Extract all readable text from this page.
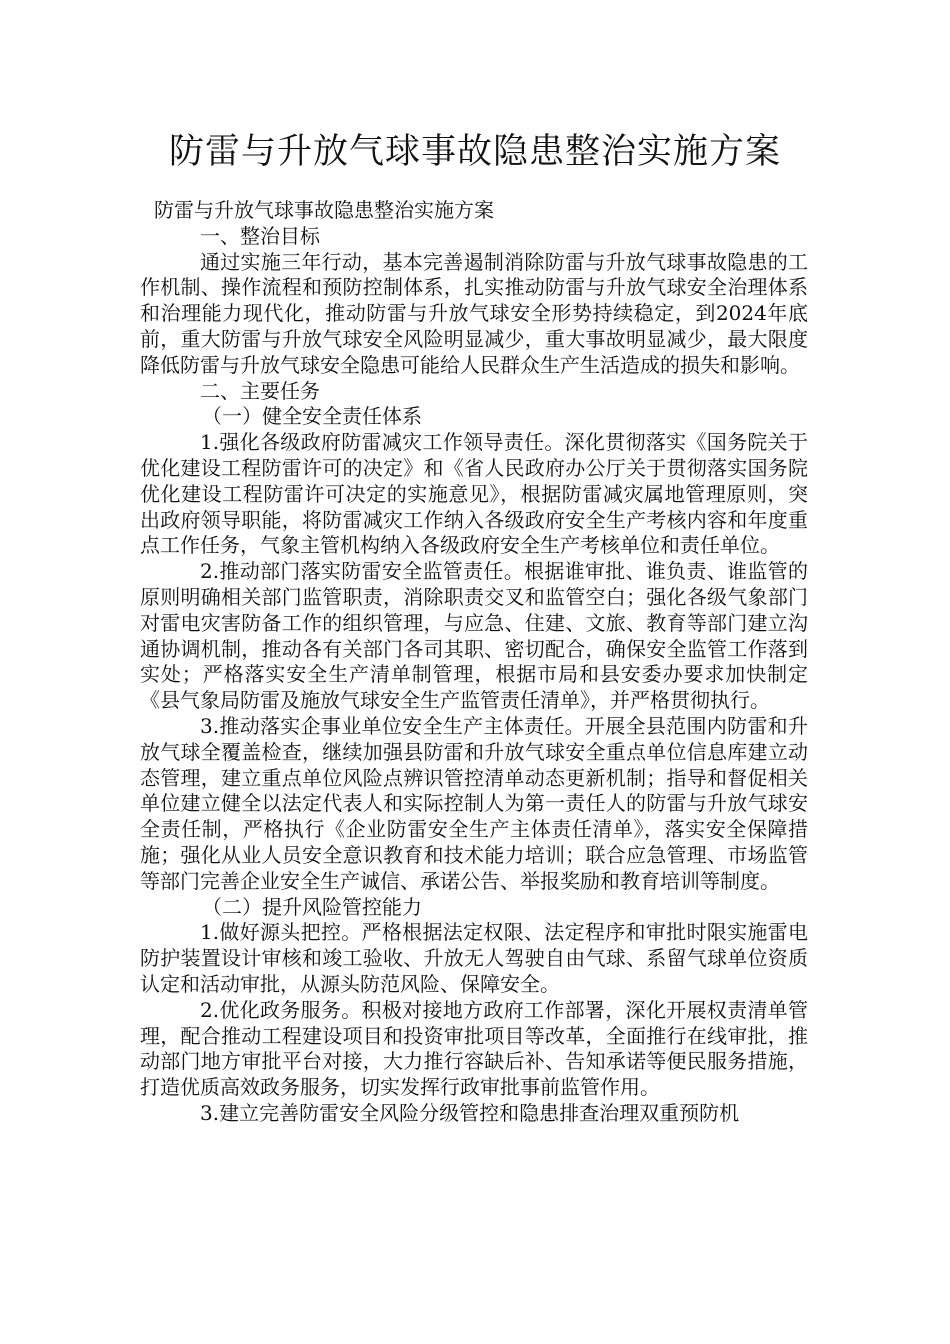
防雷与升放气球事故隐患整治实施方案

防雷与升放气球事故隐患整治实施方案

一、整治目标

通过实施三年行动，基本完善遏制消除防雷与升放气球事故隐患的工作机制、操作流程和预防控制体系，扎实推动防雷与升放气球安全治理体系和治理能力现代化，推动防雷与升放气球安全形势持续稳定，到2024年底前，重大防雷与升放气球安全风险明显减少，重大事故明显减少，最大限度降低防雷与升放气球安全隐患可能给人民群众生产生活造成的损失和影响。

二、主要任务

（一）健全安全责任体系

1.强化各级政府防雷减灾工作领导责任。深化贯彻落实《国务院关于优化建设工程防雷许可的决定》和《省人民政府办公厅关于贯彻落实国务院优化建设工程防雷许可决定的实施意见》，根据防雷减灾属地管理原则，突出政府领导职能，将防雷减灾工作纳入各级政府安全生产考核内容和年度重点工作任务，气象主管机构纳入各级政府安全生产考核单位和责任单位。

2.推动部门落实防雷安全监管责任。根据谁审批、谁负责、谁监管的原则明确相关部门监管职责，消除职责交叉和监管空白；强化各级气象部门对雷电灾害防备工作的组织管理，与应急、住建、文旅、教育等部门建立沟通协调机制，推动各有关部门各司其职、密切配合，确保安全监管工作落到实处；严格落实安全生产清单制管理，根据市局和县安委办要求加快制定《县气象局防雷及施放气球安全生产监管责任清单》，并严格贯彻执行。

3.推动落实企事业单位安全生产主体责任。开展全县范围内防雷和升放气球全覆盖检查，继续加强县防雷和升放气球安全重点单位信息库建立动态管理，建立重点单位风险点辨识管控清单动态更新机制；指导和督促相关单位建立健全以法定代表人和实际控制人为第一责任人的防雷与升放气球安全责任制，严格执行《企业防雷安全生产主体责任清单》，落实安全保障措施；强化从业人员安全意识教育和技术能力培训；联合应急管理、市场监管等部门完善企业安全生产诚信、承诺公告、举报奖励和教育培训等制度。

（二）提升风险管控能力

1.做好源头把控。严格根据法定权限、法定程序和审批时限实施雷电防护装置设计审核和竣工验收、升放无人驾驶自由气球、系留气球单位资质认定和活动审批，从源头防范风险、保障安全。

2.优化政务服务。积极对接地方政府工作部署，深化开展权责清单管理，配合推动工程建设项目和投资审批项目等改革，全面推行在线审批，推动部门地方审批平台对接，大力推行容缺后补、告知承诺等便民服务措施，打造优质高效政务服务，切实发挥行政审批事前监管作用。

3.建立完善防雷安全风险分级管控和隐患排查治理双重预防机
